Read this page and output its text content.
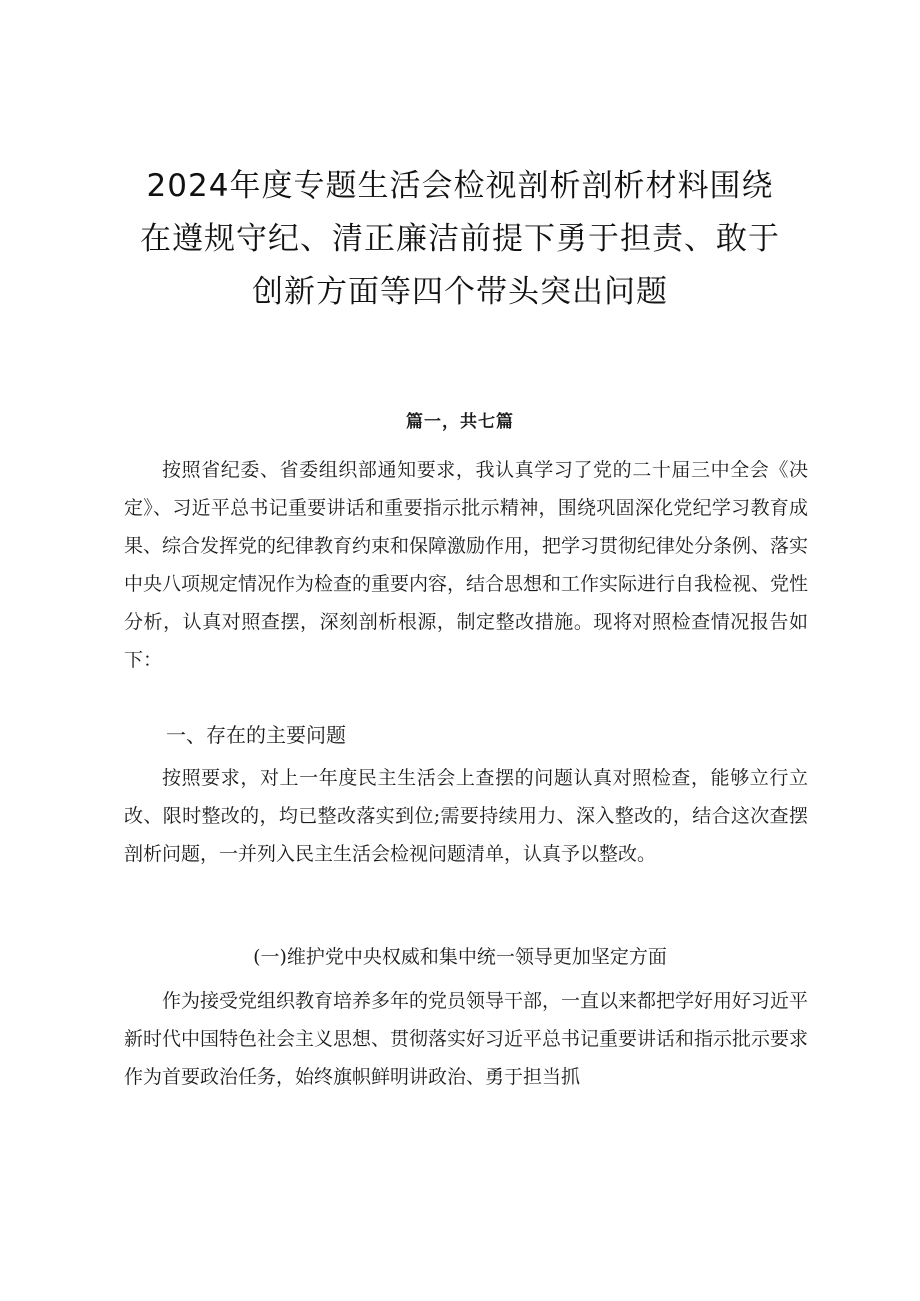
2024年度专题生活会检视剖析剖析材料围绕
在遵规守纪、清正廉洁前提下勇于担责、敢于
创新方面等四个带头突出问题

篇一，共七篇

按照省纪委、省委组织部通知要求，我认真学习了党的二十届三中全会《决定》、习近平总书记重要讲话和重要指示批示精神，围绕巩固深化党纪学习教育成果、综合发挥党的纪律教育约束和保障激励作用，把学习贯彻纪律处分条例、落实中央八项规定情况作为检查的重要内容，结合思想和工作实际进行自我检视、党性分析，认真对照查摆，深刻剖析根源，制定整改措施。现将对照检查情况报告如下：

一、存在的主要问题

按照要求，对上一年度民主生活会上查摆的问题认真对照检查，能够立行立改、限时整改的，均已整改落实到位;需要持续用力、深入整改的，结合这次查摆剖析问题，一并列入民主生活会检视问题清单，认真予以整改。

(一)维护党中央权威和集中统一领导更加坚定方面

作为接受党组织教育培养多年的党员领导干部，一直以来都把学好用好习近平新时代中国特色社会主义思想、贯彻落实好习近平总书记重要讲话和指示批示要求作为首要政治任务，始终旗帜鲜明讲政治、勇于担当抓
